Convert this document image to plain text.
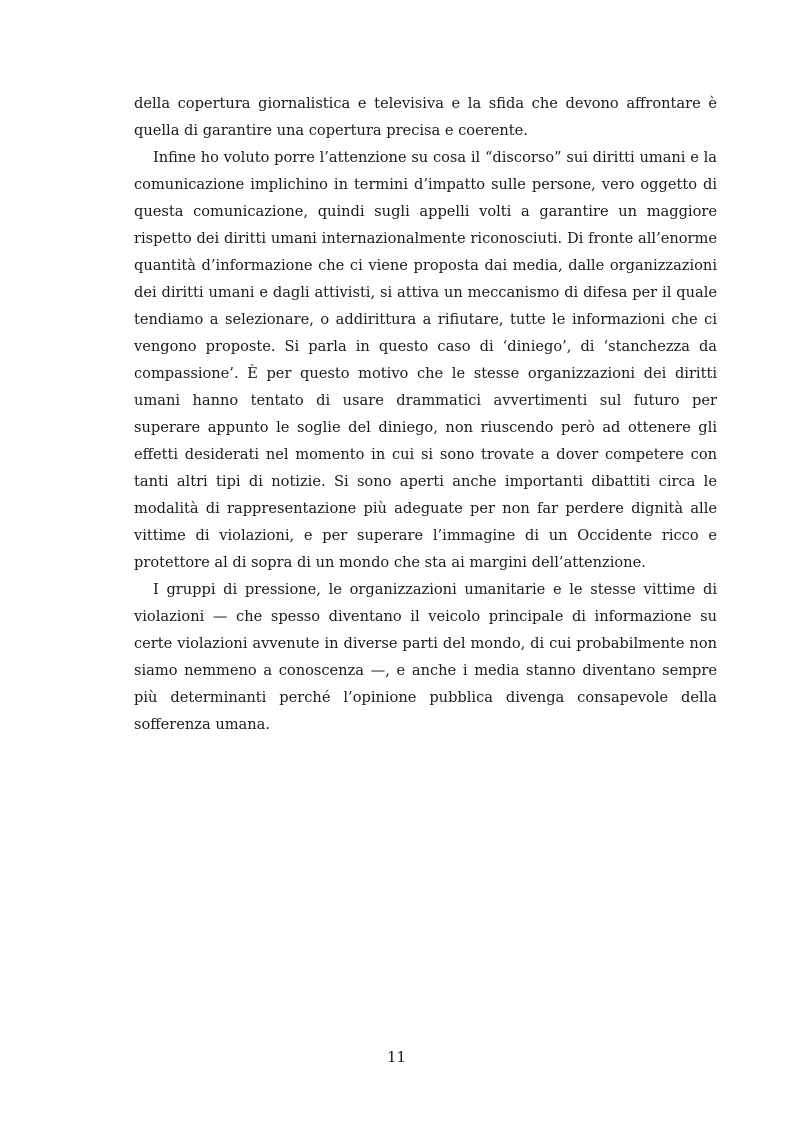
della copertura giornalistica e televisiva e la sfida che devono affrontare è quella di garantire una copertura precisa e coerente.

Infine ho voluto porre l’attenzione su cosa il “discorso” sui diritti umani e la comunicazione implichino in termini d’impatto sulle persone, vero oggetto di questa comunicazione, quindi sugli appelli volti a garantire un maggiore rispetto dei diritti umani internazionalmente riconosciuti. Di fronte all’enorme quantità d’informazione che ci viene proposta dai media, dalle organizzazioni dei diritti umani e dagli attivisti, si attiva un meccanismo di difesa per il quale tendiamo a selezionare, o addirittura a rifiutare, tutte le informazioni che ci vengono proposte. Si parla in questo caso di ‘diniego’, di ‘stanchezza da compassione’. È per questo motivo che le stesse organizzazioni dei diritti umani hanno tentato di usare drammatici avvertimenti sul futuro per superare appunto le soglie del diniego, non riuscendo però ad ottenere gli effetti desiderati nel momento in cui si sono trovate a dover competere con tanti altri tipi di notizie. Si sono aperti anche importanti dibattiti circa le modalità di rappresentazione più adeguate per non far perdere dignità alle vittime di violazioni, e per superare l’immagine di un Occidente ricco e protettore al di sopra di un mondo che sta ai margini dell’attenzione.

I gruppi di pressione, le organizzazioni umanitarie e le stesse vittime di violazioni — che spesso diventano il veicolo principale di informazione su certe violazioni avvenute in diverse parti del mondo, di cui probabilmente non siamo nemmeno a conoscenza —, e anche i media stanno diventano sempre più determinanti perché l’opinione pubblica divenga consapevole della sofferenza umana.

11
